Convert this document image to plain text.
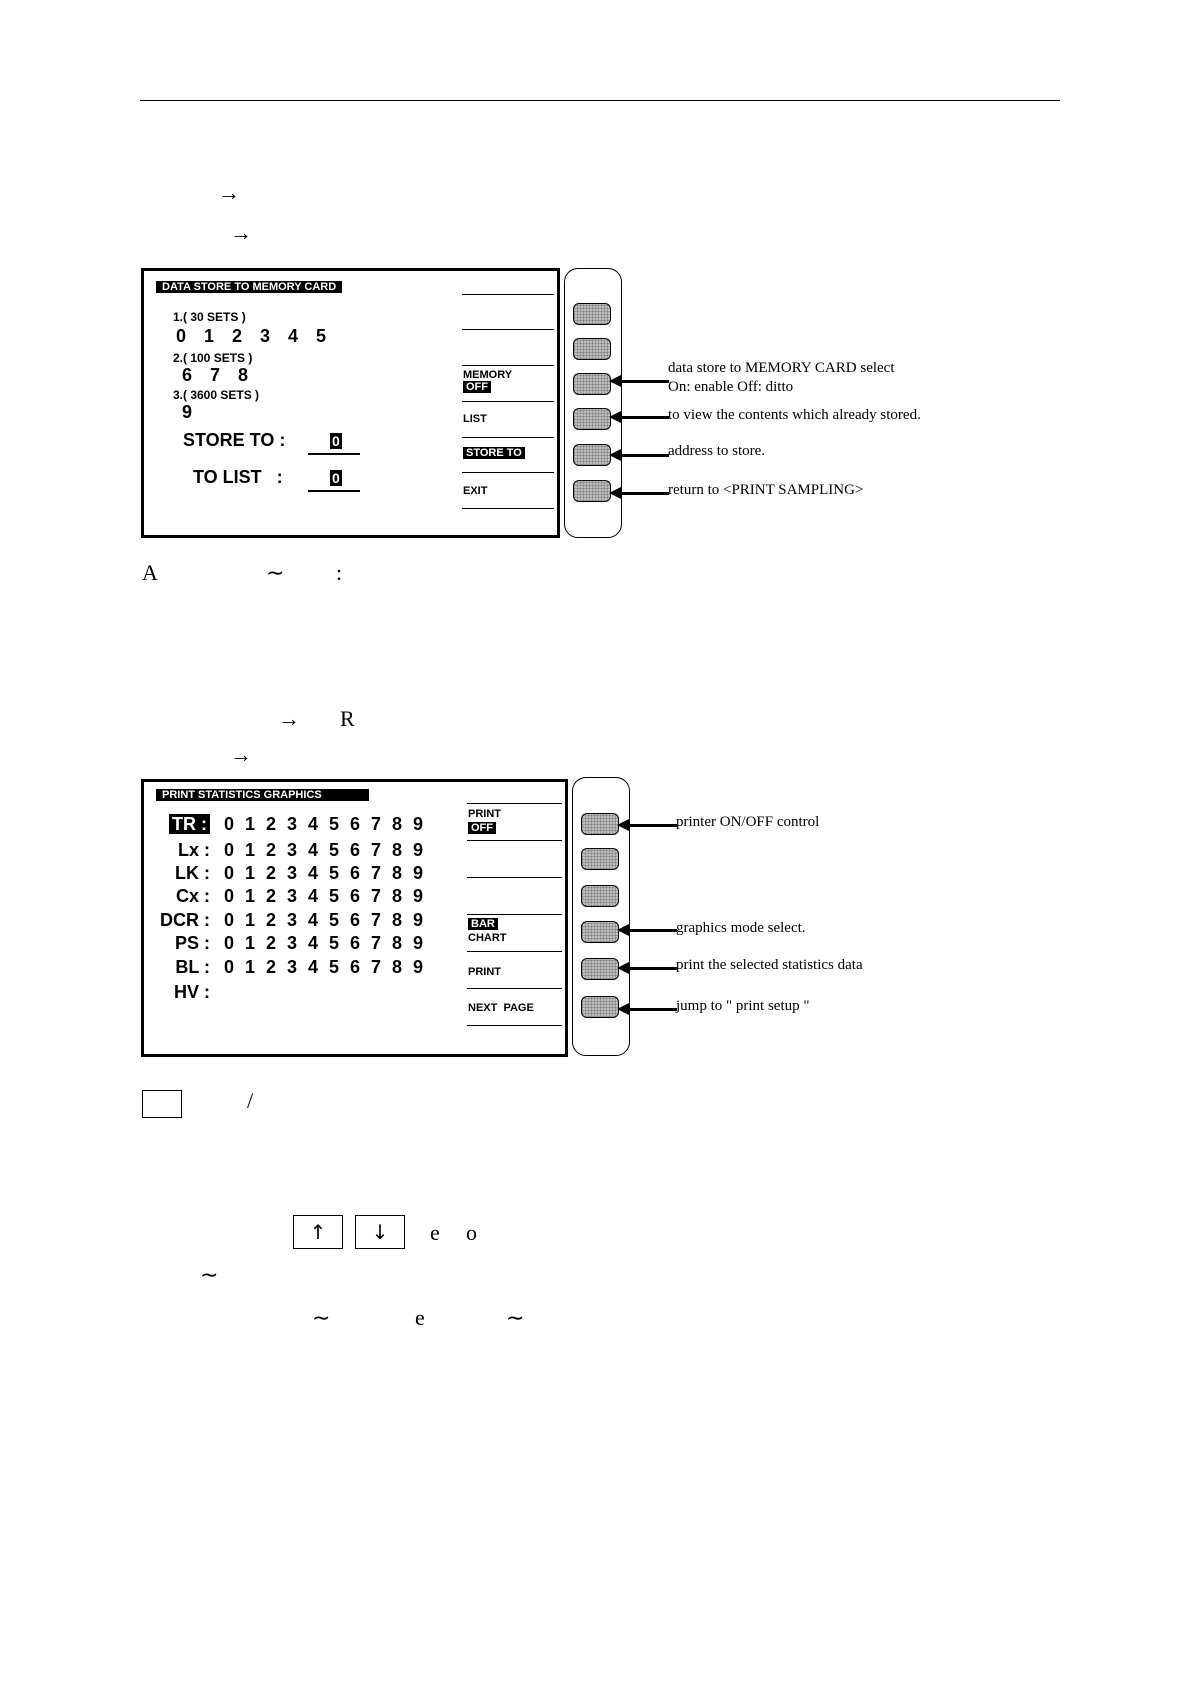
→
→
DATA STORE TO MEMORY CARD
1.( 30 SETS )
0 1 2 3 4 5
2.( 100 SETS )
6 7 8
3.( 3600 SETS )
9
STORE TO :	0
TO LIST   :	0
MEMORY
OFF
LIST
STORE TO
EXIT
data store to MEMORY CARD select
On: enable Off: ditto
to view the contents which already stored.
address to store.
return to <PRINT SAMPLING>
A	∼ :
→ R
→
PRINT STATISTICS GRAPHICS
TR : 0 1 2 3 4 5 6 7 8 9
Lx : 0 1 2 3 4 5 6 7 8 9
LK : 0 1 2 3 4 5 6 7 8 9
Cx : 0 1 2 3 4 5 6 7 8 9
DCR : 0 1 2 3 4 5 6 7 8 9
PS : 0 1 2 3 4 5 6 7 8 9
BL : 0 1 2 3 4 5 6 7 8 9
HV :
PRINT
OFF
BAR
CHART
PRINT
NEXT  PAGE
printer ON/OFF control
graphics mode select.
print the selected statistics data
jump to " print setup "
/
↑	↓	e o
∼
∼	e	∼
